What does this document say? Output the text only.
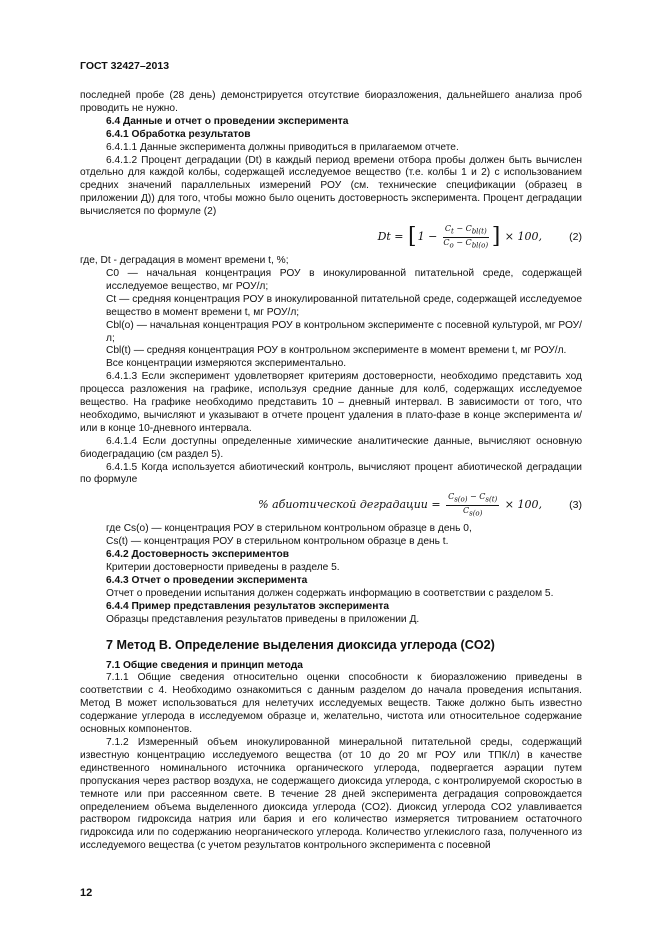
ГОСТ 32427–2013

последней пробе (28 день) демонстрируется отсутствие биоразложения, дальнейшего анализа проб проводить не нужно.

6.4 Данные и отчет о проведении эксперимента

6.4.1 Обработка результатов

6.4.1.1 Данные эксперимента должны приводиться в прилагаемом отчете.

6.4.1.2 Процент деградации (Dt) в каждый период времени отбора пробы должен быть вычислен отдельно для каждой колбы, содержащей исследуемое вещество (т.е. колбы 1 и 2) с использованием средних значений параллельных измерений РОУ (см. технические спецификации (образец в приложении Д)) для того, чтобы можно было оценить достоверность эксперимента. Процент деградации вычисляется по формуле (2)

Dt = [ $1 - \frac{C_t - C_{bl(t)}}{C_o - C_{bl(o)}}$ ] × 100,	(2)

где, Dt - деградация в момент времени t, %;

C0 — начальная концентрация РОУ в инокулированной питательной среде, содержащей исследуемое вещество, мг РОУ/л;

Ct — средняя концентрация РОУ в инокулированной питательной среде, содержащей исследуемое вещество в момент времени t, мг РОУ/л;

Cbl(o) — начальная концентрация РОУ в контрольном эксперименте с посевной культурой, мг РОУ/л;

Cbl(t) — средняя концентрация РОУ в контрольном эксперименте в момент времени t, мг РОУ/л.

Все концентрации измеряются экспериментально.

6.4.1.3 Если эксперимент удовлетворяет критериям достоверности, необходимо представить ход процесса разложения на графике, используя средние данные для колб, содержащих исследуемое вещество. На графике необходимо представить 10 – дневный интервал. В зависимости от того, что необходимо, вычисляют и указывают в отчете процент удаления в плато-фазе в конце эксперимента и/или в конце 10-дневного интервала.

6.4.1.4 Если доступны определенные химические аналитические данные, вычисляют основную биодеградацию (см раздел 5).

6.4.1.5 Когда используется абиотический контроль, вычисляют процент абиотической деградации по формуле

% абиотической деградации =
$\frac{C_{s(o)} - C_{s(t)}}{C_{s(o)}} \times 100$,	(3)

где Cs(o) — концентрация РОУ в стерильном контрольном образце в день 0,

Cs(t) — концентрация РОУ в стерильном контрольном образце в день t.

6.4.2 Достоверность экспериментов

Критерии достоверности приведены в разделе 5.

6.4.3 Отчет о проведении эксперимента

Отчет о проведении испытания должен содержать информацию в соответствии с разделом 5.

6.4.4 Пример представления результатов эксперимента

Образцы представления результатов приведены в приложении Д.

7 Метод В. Определение выделения диоксида углерода (CO2)

7.1 Общие сведения и принцип метода

7.1.1 Общие сведения относительно оценки способности к биоразложению приведены в соответствии с 4. Необходимо ознакомиться с данным разделом до начала проведения испытания. Метод В может использоваться для нелетучих исследуемых веществ. Также должно быть известно содержание углерода в исследуемом образце и, желательно, чистота или относительное содержание основных компонентов.

7.1.2 Измеренный объем инокулированной минеральной питательной среды, содержащий известную концентрацию исследуемого вещества (от 10 до 20 мг РОУ или ТПК/л) в качестве единственного номинального источника органического углерода, подвергается аэрации путем пропускания через раствор воздуха, не содержащего диоксида углерода, с контролируемой скоростью в темноте или при рассеянном свете. В течение 28 дней эксперимента деградация сопровождается определением объема выделенного диоксида углерода (CO2). Диоксид углерода CO2 улавливается раствором гидроксида натрия или бария и его количество измеряется титрованием остаточного гидроксида или по содержанию неорганического углерода. Количество углекислого газа, полученного из исследуемого вещества (с учетом результатов контрольного эксперимента с посевной

12
